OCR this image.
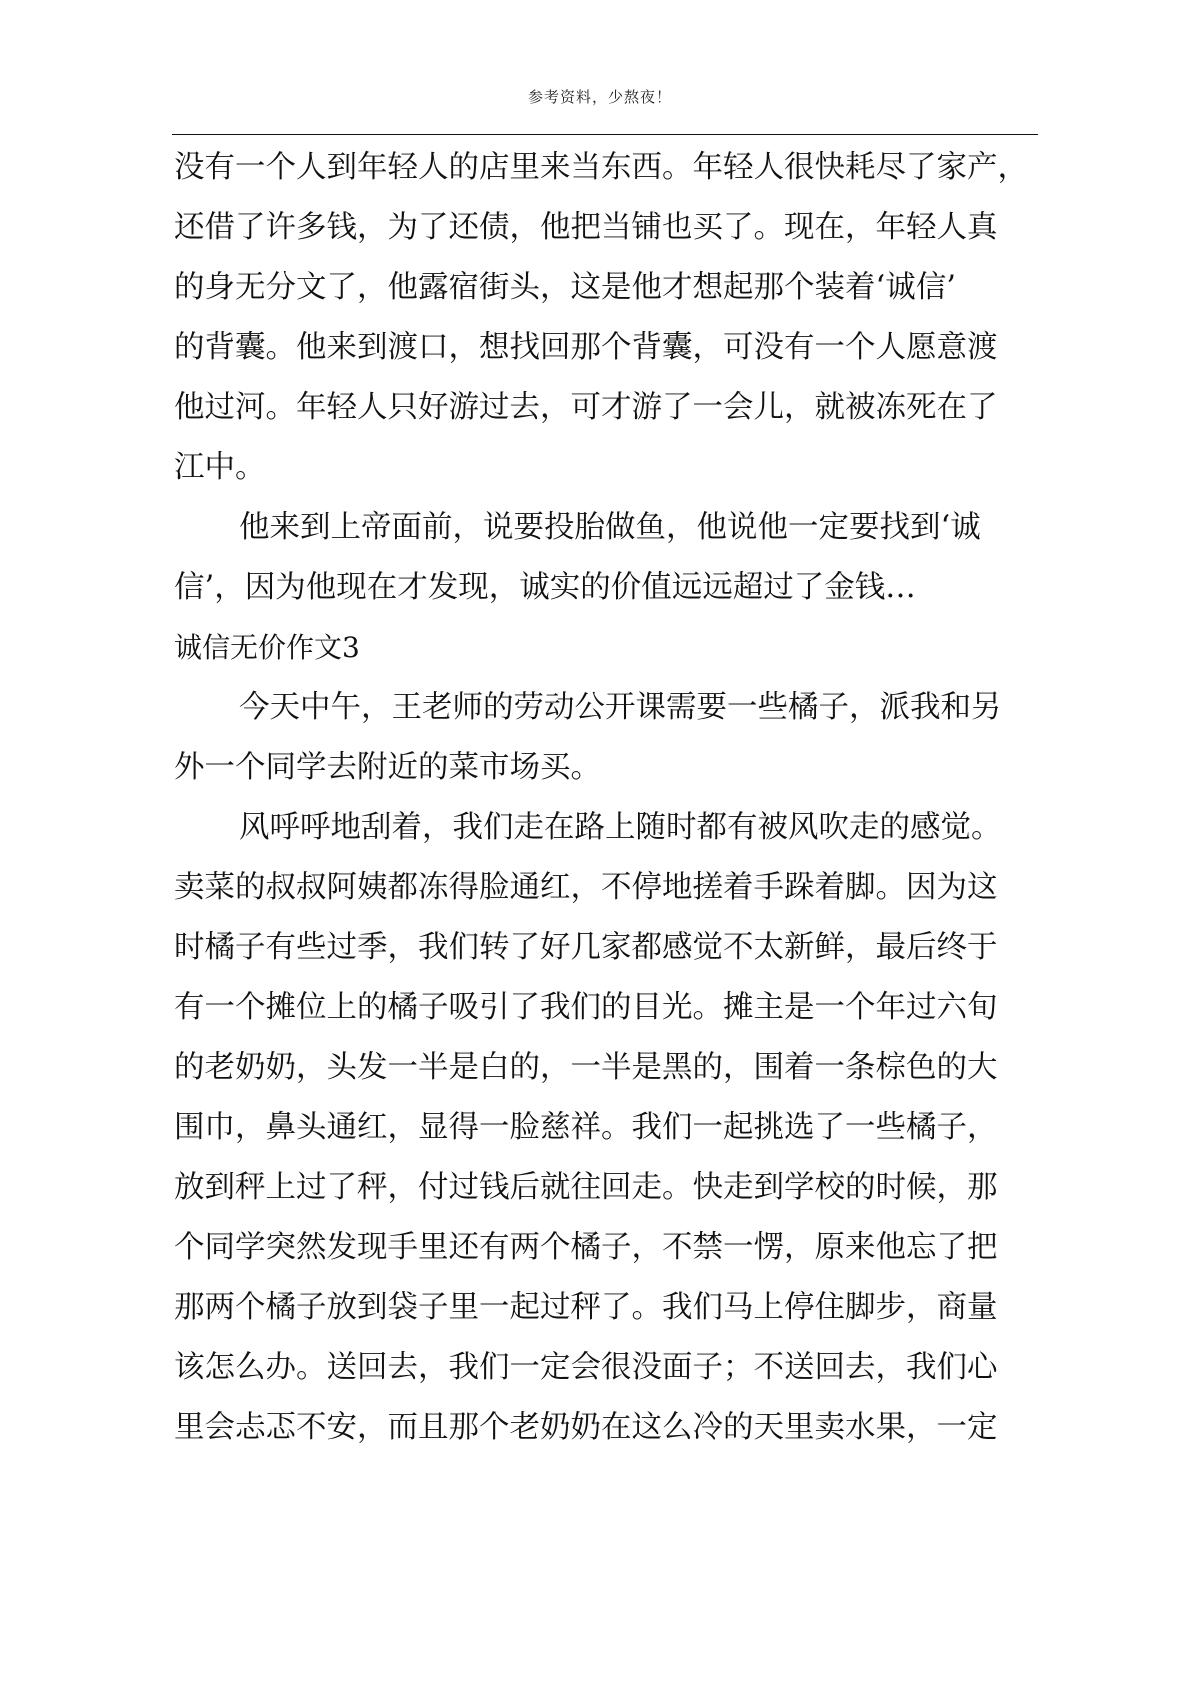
参考资料，少熬夜！
没有一个人到年轻人的店里来当东西。年轻人很快耗尽了家产，
还借了许多钱，为了还债，他把当铺也买了。现在，年轻人真
的身无分文了，他露宿街头，这是他才想起那个装着‘诚信’
的背囊。他来到渡口，想找回那个背囊，可没有一个人愿意渡
他过河。年轻人只好游过去，可才游了一会儿，就被冻死在了
江中。
他来到上帝面前，说要投胎做鱼，他说他一定要找到‘诚
信’，因为他现在才发现，诚实的价值远远超过了金钱…
诚信无价作文3
今天中午，王老师的劳动公开课需要一些橘子，派我和另
外一个同学去附近的菜市场买。
风呼呼地刮着，我们走在路上随时都有被风吹走的感觉。
卖菜的叔叔阿姨都冻得脸通红，不停地搓着手跺着脚。因为这
时橘子有些过季，我们转了好几家都感觉不太新鲜，最后终于
有一个摊位上的橘子吸引了我们的目光。摊主是一个年过六旬
的老奶奶，头发一半是白的，一半是黑的，围着一条棕色的大
围巾，鼻头通红，显得一脸慈祥。我们一起挑选了一些橘子，
放到秤上过了秤，付过钱后就往回走。快走到学校的时候，那
个同学突然发现手里还有两个橘子，不禁一愣，原来他忘了把
那两个橘子放到袋子里一起过秤了。我们马上停住脚步，商量
该怎么办。送回去，我们一定会很没面子；不送回去，我们心
里会忐忑不安，而且那个老奶奶在这么冷的天里卖水果，一定
